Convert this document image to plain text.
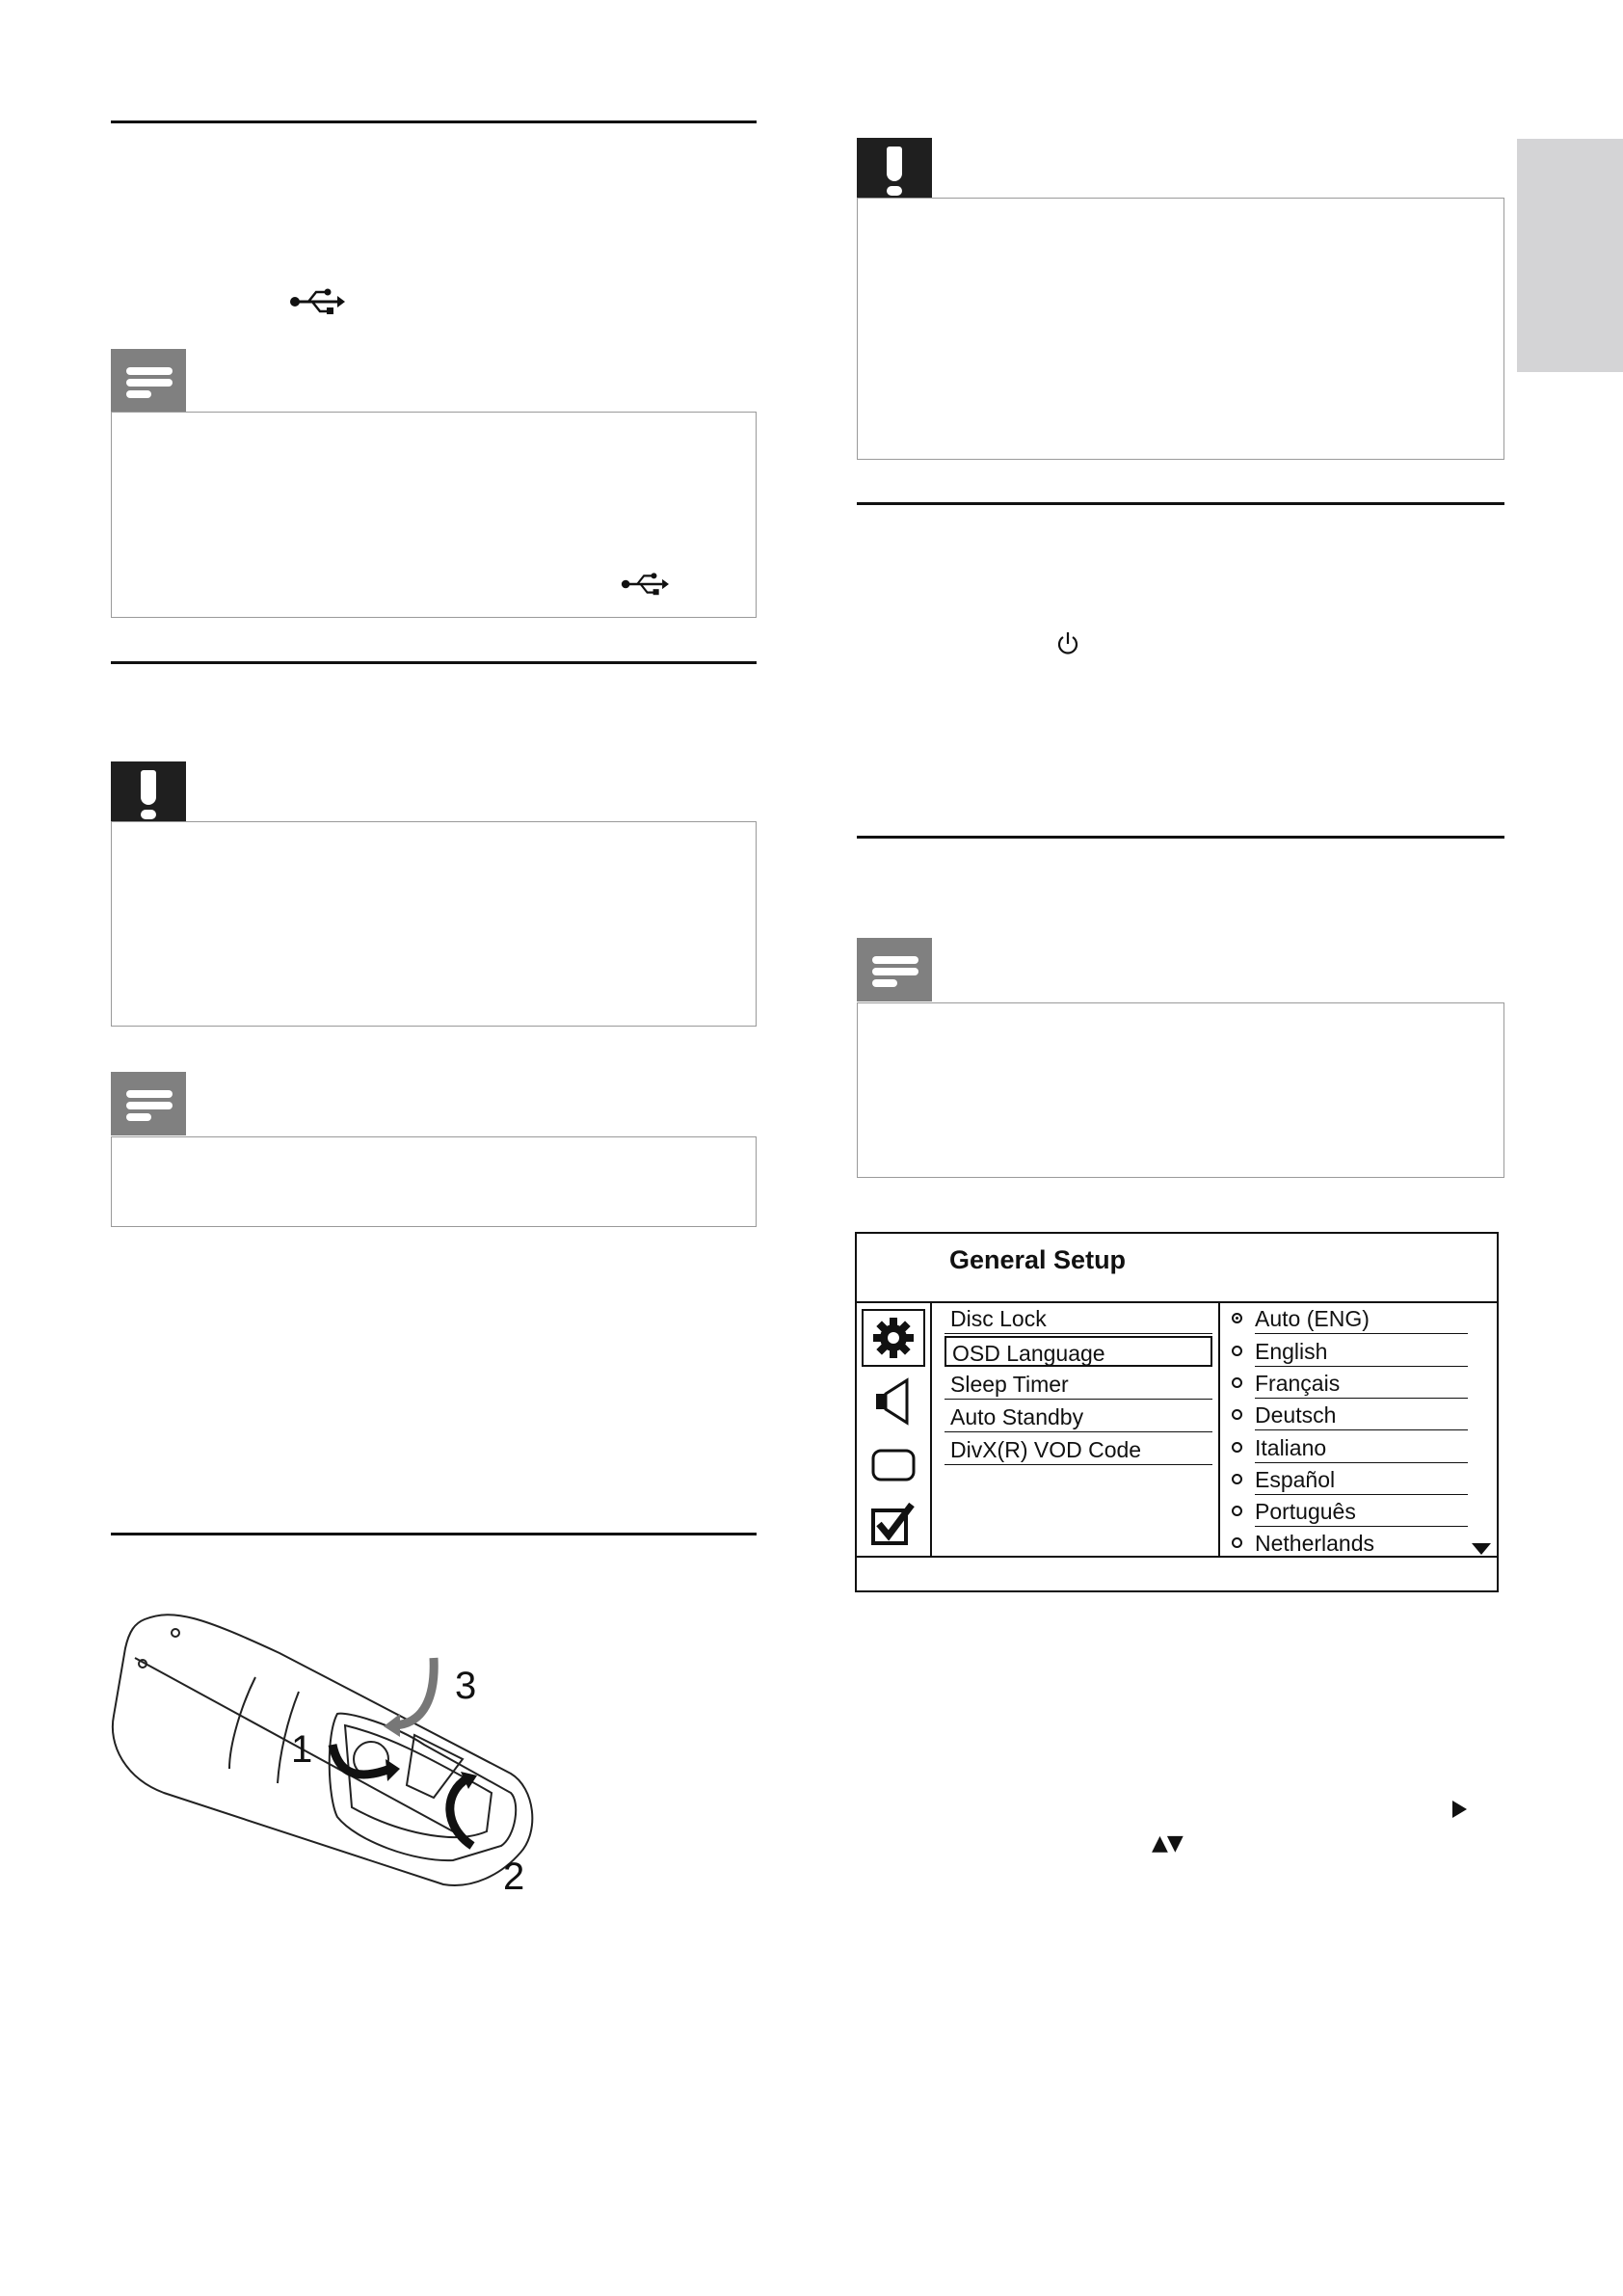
1
2
3
General Setup
Disc Lock
OSD Language
Sleep Timer
Auto Standby
DivX(R) VOD Code
Auto (ENG)
English
Français
Deutsch
Italiano
Español
Português
Netherlands
▲▼
